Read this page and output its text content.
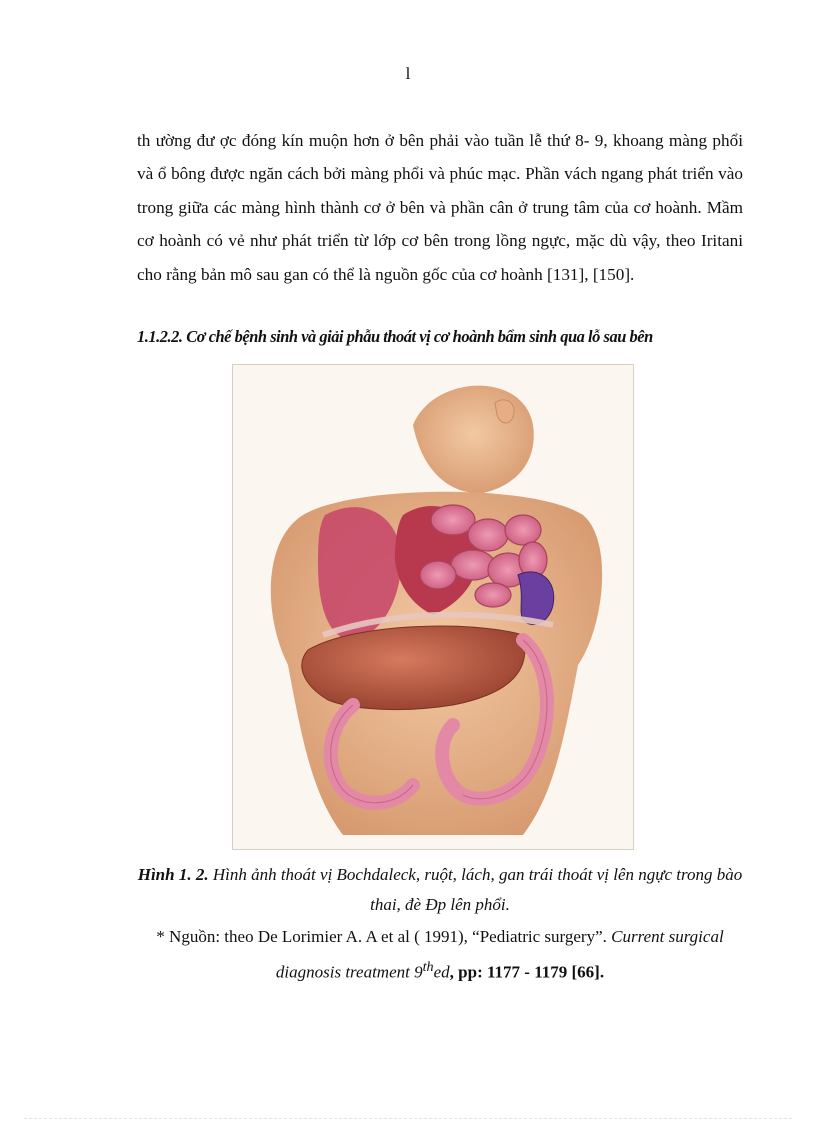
l

th ường đư ợc đóng kín muộn hơn ở bên phải vào tuần lễ thứ 8- 9, khoang màng phổi và ổ bông được ngăn cách bởi màng phổi và phúc mạc. Phần vách ngang phát triển vào trong giữa các màng hình thành cơ ở bên và phần cân ở trung tâm của cơ hoành. Mầm cơ hoành có vẻ như phát triển từ lớp cơ bên trong lồng ngực, mặc dù vậy, theo Iritani cho rằng bản mô sau gan có thể là nguồn gốc của cơ hoành [131], [150].

1.1.2.2. Cơ chế bệnh sinh và giải phẫu thoát vị cơ hoành bẩm sinh qua lỗ sau bên
Hình 1. 2. Hình ảnh thoát vị Bochdaleck, ruột, lách, gan trái thoát vị lên ngực trong bào thai, đè Ðp lên phổi.
* Nguồn: theo De Lorimier A. A et al ( 1991), “Pediatric surgery”. Current surgical diagnosis treatment 9thed, pp: 1177 - 1179 [66].
